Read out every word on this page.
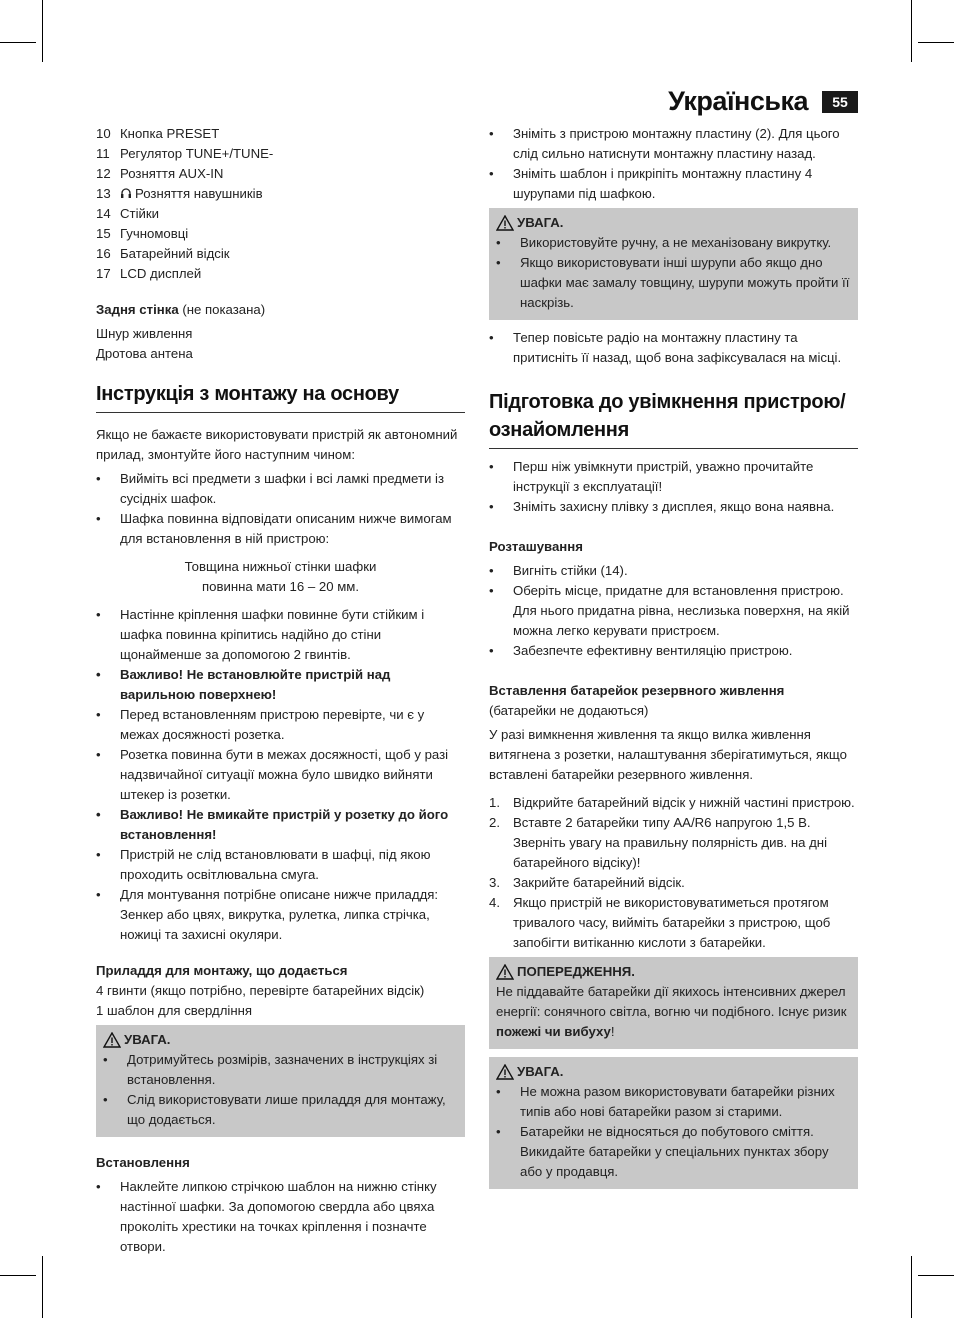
Українська	55
10 Кнопка PRESET
11 Регулятор TUNE+/TUNE-
12 Розняття AUX-IN
13 Розняття навушників
14 Стійки
15 Гучномовці
16 Батарейний відсік
17 LCD дисплей

Задня стінка (не показана)

Шнур живлення

Дротова антена

Інструкція з монтажу на основу

Якщо не бажаєте використовувати пристрій як автономний прилад, змонтуйте його наступним чином:

• Вийміть всі предмети з шафки і всі ламкі предмети із сусідніх шафок.
• Шафка повинна відповідати описаним нижче вимогам для встановлення в ній пристрою:

Товщина нижньої стінки шафки

повинна мати 16 – 20 мм.

• Настінне кріплення шафки повинне бути стійким і шафка повинна кріпитись надійно до стіни щонайменше за допомогою 2 гвинтів.
• Важливо! Не встановлюйте пристрій над варильною поверхнею!
• Перед встановленням пристрою перевірте, чи є у межах досяжності розетка.
• Розетка повинна бути в межах досяжності, щоб у разі надзвичайної ситуації можна було швидко вийняти штекер із розетки.
• Важливо! Не вмикайте пристрій у розетку до його встановлення!
• Пристрій не слід встановлювати в шафці, під якою проходить освітлювальна смуга.
• Для монтування потрібне описане нижче приладдя: Зенкер або цвях, викрутка, рулетка, липка стрічка, ножиці та захисні окуляри.

Приладдя для монтажу, що додається

4 гвинти (якщо потрібно, перевірте батарейних відсік)

1 шаблон для свердління

УВАГА.
• Дотримуйтесь розмірів, зазначених в інструкціях зі встановлення.
• Слід використовувати лише приладдя для монтажу, що додається.

Встановлення

• Наклейте липкою стрічкою шаблон на нижню стінку настінної шафки. За допомогою свердла або цвяха проколіть хрестики на точках кріплення і позначте отвори.
• Зніміть з пристрою монтажну пластину (2). Для цього слід сильно натиснути монтажну пластину назад.
• Зніміть шаблон і прикріпіть монтажну пластину 4 шурупами під шафкою.
УВАГА.
• Використовуйте ручну, а не механізовану викрутку.
• Якщо використовувати інші шурупи або якщо дно шафки має замалу товщину, шурупи можуть пройти її наскрізь.
• Тепер повісьте радіо на монтажну пластину та притисніть її назад, щоб вона зафіксувалася на місці.
Підготовка до увімкнення пристрою/ ознайомлення
• Перш ніж увімкнути пристрій, уважно прочитайте інструкції з експлуатації!
• Зніміть захисну плівку з дисплея, якщо вона наявна.

Розташування

• Вигніть стійки (14).
• Оберіть місце, придатне для встановлення пристрою. Для нього придатна рівна, неслизька поверхня, на якій можна легко керувати пристроєм.
• Забезпечте ефективну вентиляцію пристрою.

Вставлення батарейок резервного живлення

(батарейки не додаються)

У разі вимкнення живлення та якщо вилка живлення витягнена з розетки, налаштування зберігатимуться, якщо вставлені батарейки резервного живлення.

1. Відкрийте батарейний відсік у нижній частині пристрою.
2. Вставте 2 батарейки типу AA/R6 напругою 1,5 В. Зверніть увагу на правильну полярність див. на дні батарейного відсіку)!
3. Закрийте батарейний відсік.
4. Якщо пристрій не використовуватиметься протягом тривалого часу, вийміть батарейки з пристрою, щоб запобігти витіканню кислоти з батарейки.
ПОПЕРЕДЖЕННЯ.

Не піддавайте батарейки дії якихось інтенсивних джерел енергії: сонячного світла, вогню чи подібного. Існує ризик пожежі чи вибуху!

УВАГА.
• Не можна разом використовувати батарейки різних типів або нові батарейки разом зі старими.
• Батарейки не відносяться до побутового сміття. Викидайте батарейки у спеціальних пунктах збору або у продавця.
